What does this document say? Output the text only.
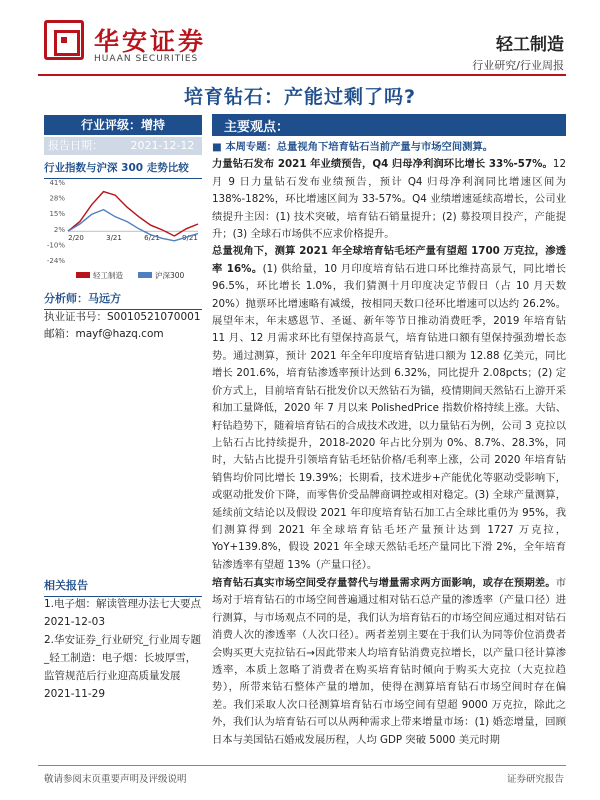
华安证券
HUAAN SECURITIES
轻工制造
行业研究/行业周报
培育钻石：产能过剩了吗?
行业评级：增持
报告日期：	2021-12-12
行业指数与沪深 300 走势比较
41%
28%
15%
2%
-10%
-24%
2/20	3/21	6/21	9/21
轻工制造	沪深300
分析师：马远方
执业证书号：S0010521070001
邮箱：mayf@hazq.com
相关报告
1.电子烟：解读管理办法七大要点 2021-12-03
2.华安证券_行业研究_行业周专题_轻工制造：电子烟：长坡厚雪，监管规范后行业迎高质量发展 2021-11-29
主要观点：

■ 本周专题：总量视角下培育钻石当前产量与市场空间测算。

力量钻石发布 2021 年业绩预告，Q4 归母净利润环比增长 33%-57%。12 月 9 日力量钻石发布业绩预告，预计 Q4 归母净利润同比增速区间为 138%-182%，环比增速区间为 33-57%。Q4 业绩增速延续高增长，公司业绩提升主因：(1) 技术突破，培育钻石销量提升；(2) 募投项目投产，产能提升；(3) 全球石市场供不应求价格提升。

总量视角下，测算 2021 年全球培育钻毛坯产量有望超 1700 万克拉，渗透率 16%。(1) 供给量，10 月印度培育钻石进口环比维持高景气，同比增长 96.5%，环比增长 1.0%，我们猜测十月印度决定节假日（占 10 月天数 20%）抛票环比增速略有减缓，按相同天数口径环比增速可以达约 26.2%。展望年末，年末感恩节、圣诞、新年等节日推动消费旺季，2019 年培育钻 11 月、12 月需求环比有望保持高景气，培育钻进口额有望保持强劲增长态势。通过测算，预计 2021 年全年印度培育钻进口额为 12.88 亿美元，同比增长 201.6%，培育钻渗透率预计达到 6.32%，同比提升 2.08pcts；(2) 定价方式上，目前培育钻石批发价以天然钻石为锚，疫情期间天然钻石上游开采和加工量降低，2020 年 7 月以来 PolishedPrice 指数价格持续上涨。大钻、籽钻趋势下，随着培育钻石的合成技术改进，以力量钻石为例，公司 3 克拉以上钻石占比持续提升，2018-2020 年占比分别为 0%、8.7%、28.3%，同时，大钻占比提升引领培育钻毛坯钻价格/毛利率上涨，公司 2020 年培育钻销售均价同比增长 19.39%；长期看，技术进步+产能优化等驱动受影响下，或驱动批发价下降，而零售价受品牌商调控或相对稳定。(3) 全球产量测算，延续前文结论以及假设 2021 年印度培育钻石加工占全球比重仍为 95%，我们测算得到 2021 年全球培育钻毛坯产量预计达到 1727 万克拉，YoY+139.8%，假设 2021 年全球天然钻毛坯产量同比下滑 2%，全年培育钻渗透率有望超 13%（产量口径）。

培育钻石真实市场空间受存量替代与增量需求两方面影响，或存在预期差。市场对于培育钻石的市场空间普遍通过相对钻石总产量的渗透率（产量口径）进行测算，与市场观点不同的是，我们认为培育钻石的市场空间应通过相对钻石消费人次的渗透率（人次口径）。两者差别主要在于我们认为同等价位消费者会购买更大克拉钻石→因此带来人均培育钻消费克拉增长，以产量口径计算渗透率，本质上忽略了消费者在购买培育钻时倾向于购买大克拉（大克拉趋势），所带来钻石整体产量的增加，使得在测算培育钻石市场空间时存在偏差。我们采取人次口径测算培育钻石市场空间有望超 9000 万克拉，除此之外，我们认为培育钻石可以从两种需求上带来增量市场：(1) 婚恋增量，回顾日本与美国钻石婚戒发展历程，人均 GDP 突破 5000 美元时期

敬请参阅末页重要声明及评级说明	证券研究报告
